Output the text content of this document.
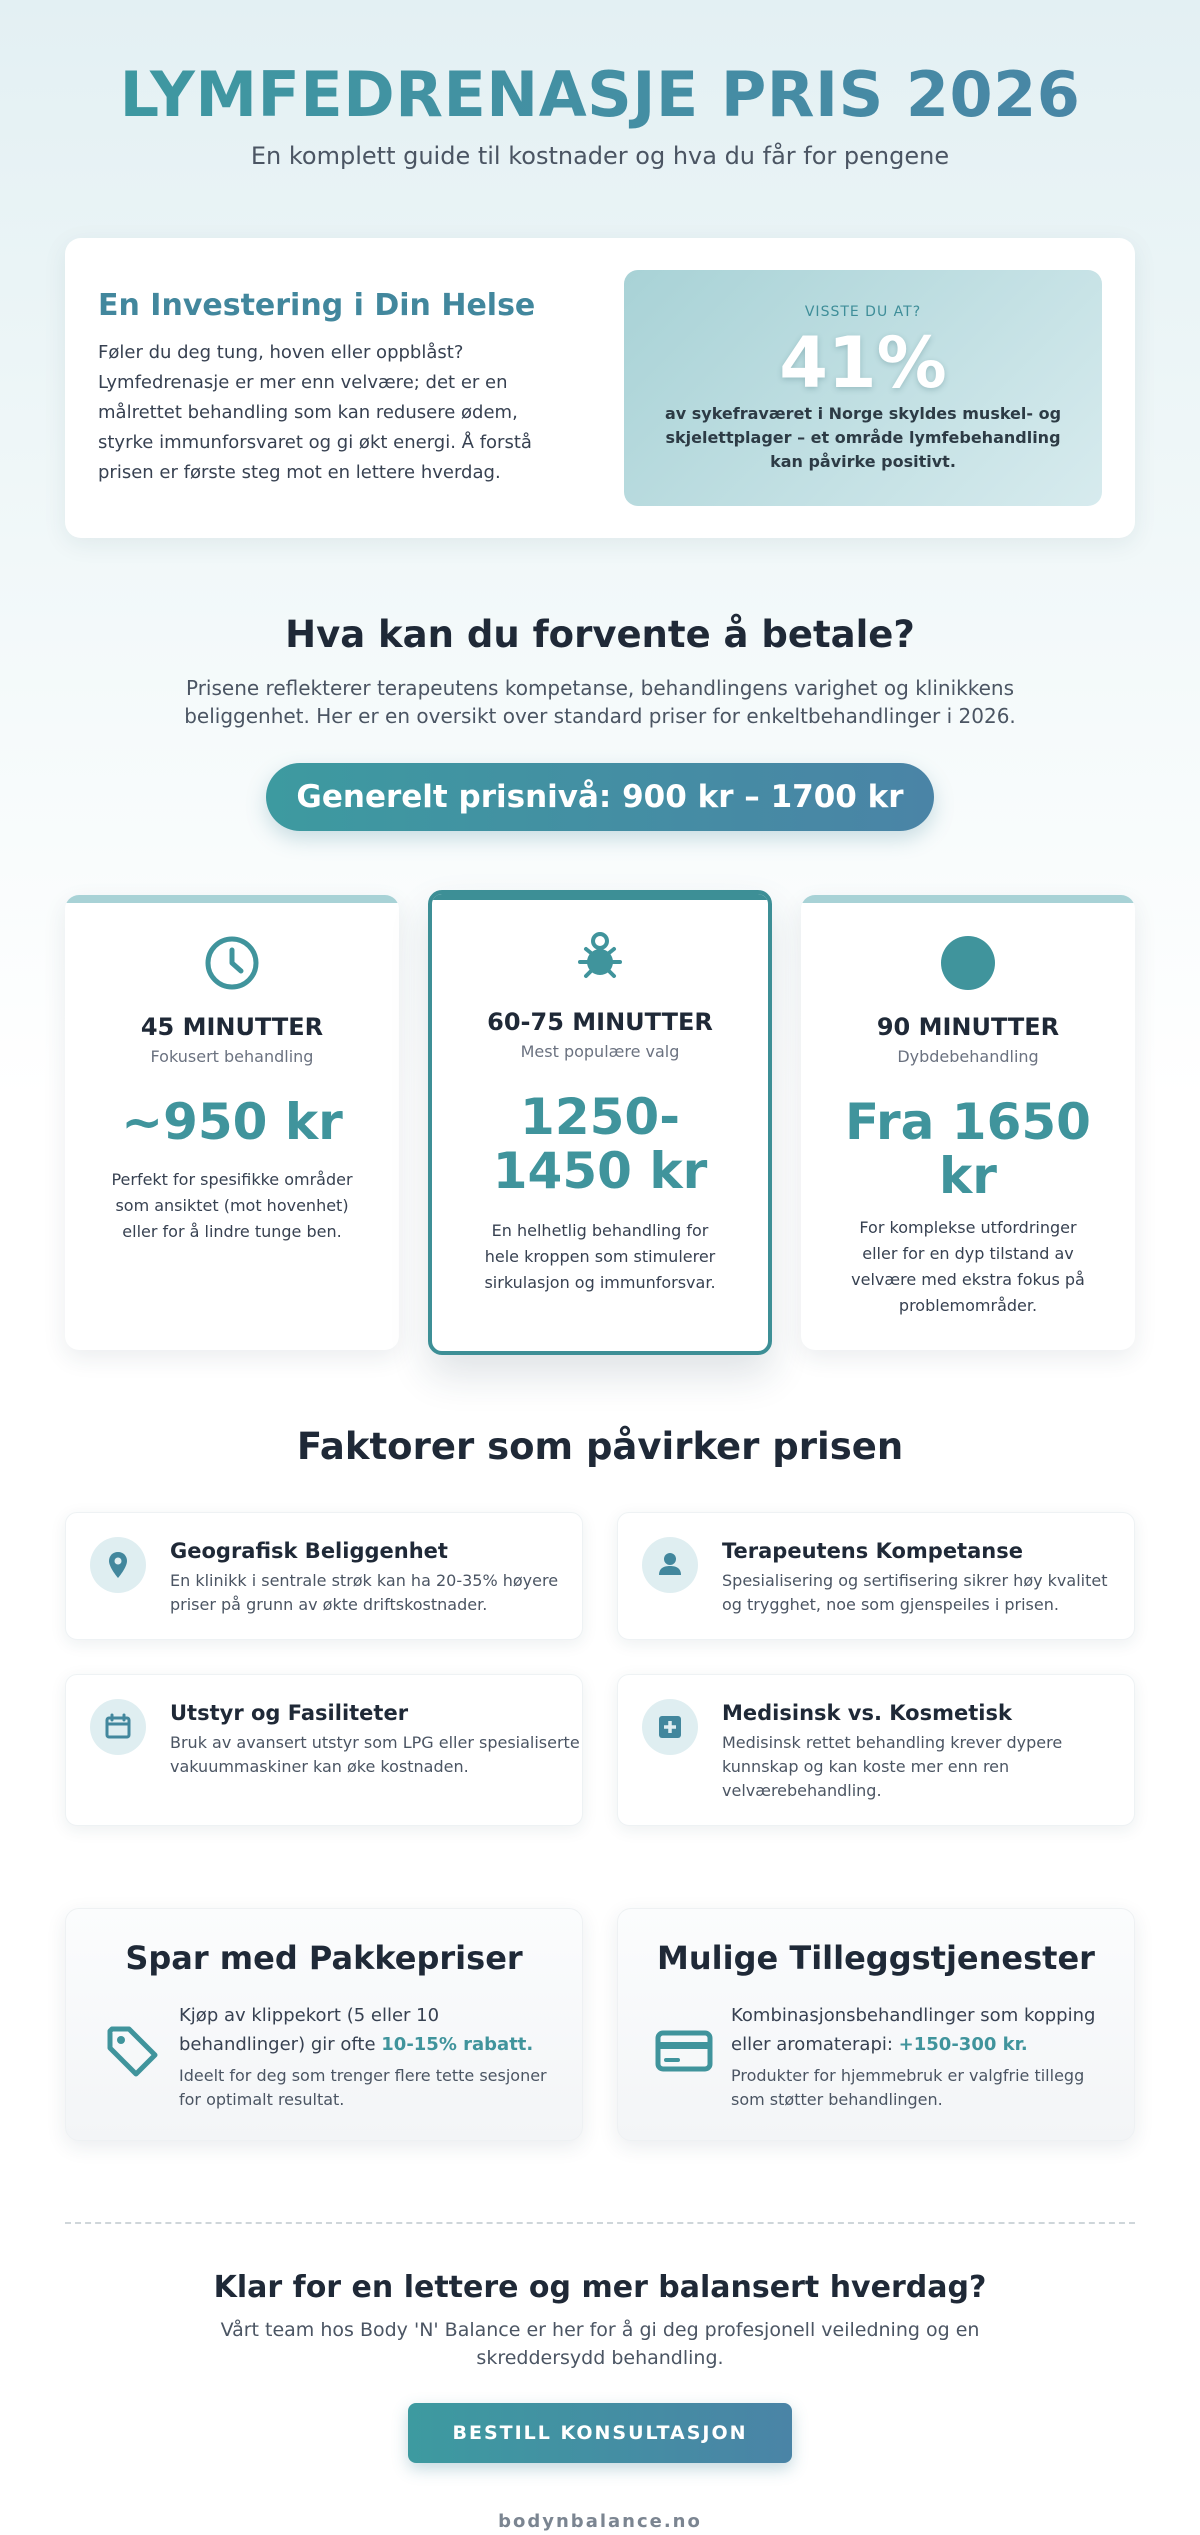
LYMFEDRENASJE PRIS 2026

En komplett guide til kostnader og hva du får for pengene

En Investering i Din Helse

Føler du deg tung, hoven eller oppblåst? Lymfedrenasje er mer enn velvære; det er en målrettet behandling som kan redusere ødem, styrke immunforsvaret og gi økt energi. Å forstå prisen er første steg mot en lettere hverdag.

VISSTE DU AT?
41%
av sykefraværet i Norge skyldes muskel- og skjelettplager – et område lymfebehandling kan påvirke positivt.
Hva kan du forvente å betale?

Prisene reflekterer terapeutens kompetanse, behandlingens varighet og klinikkens beliggenhet. Her er en oversikt over standard priser for enkeltbehandlinger i 2026.

Generelt prisnivå: 900 kr – 1700 kr
45 MINUTTER
Fokusert behandling
~950 kr
Perfekt for spesifikke områder som ansiktet (mot hovenhet) eller for å lindre tunge ben.
60-75 MINUTTER
Mest populære valg
1250-1450 kr
En helhetlig behandling for hele kroppen som stimulerer sirkulasjon og immunforsvar.
90 MINUTTER
Dybdebehandling
Fra 1650 kr
For komplekse utfordringer eller for en dyp tilstand av velvære med ekstra fokus på problemområder.
Faktorer som påvirker prisen
Geografisk Beliggenhet
En klinikk i sentrale strøk kan ha 20-35% høyere priser på grunn av økte driftskostnader.
Terapeutens Kompetanse
Spesialisering og sertifisering sikrer høy kvalitet og trygghet, noe som gjenspeiles i prisen.
Utstyr og Fasiliteter
Bruk av avansert utstyr som LPG eller spesialiserte vakuummaskiner kan øke kostnaden.
Medisinsk vs. Kosmetisk
Medisinsk rettet behandling krever dypere kunnskap og kan koste mer enn ren velværebehandling.
Spar med Pakkepriser

Kjøp av klippekort (5 eller 10 behandlinger) gir ofte 10-15% rabatt.

Ideelt for deg som trenger flere tette sesjoner for optimalt resultat.

Mulige Tilleggstjenester

Kombinasjonsbehandlinger som kopping eller aromaterapi: +150-300 kr.

Produkter for hjemmebruk er valgfrie tillegg som støtter behandlingen.

Klar for en lettere og mer balansert hverdag?

Vårt team hos Body 'N' Balance er her for å gi deg profesjonell veiledning og en skreddersydd behandling.

BESTILL KONSULTASJON
bodynbalance.no
